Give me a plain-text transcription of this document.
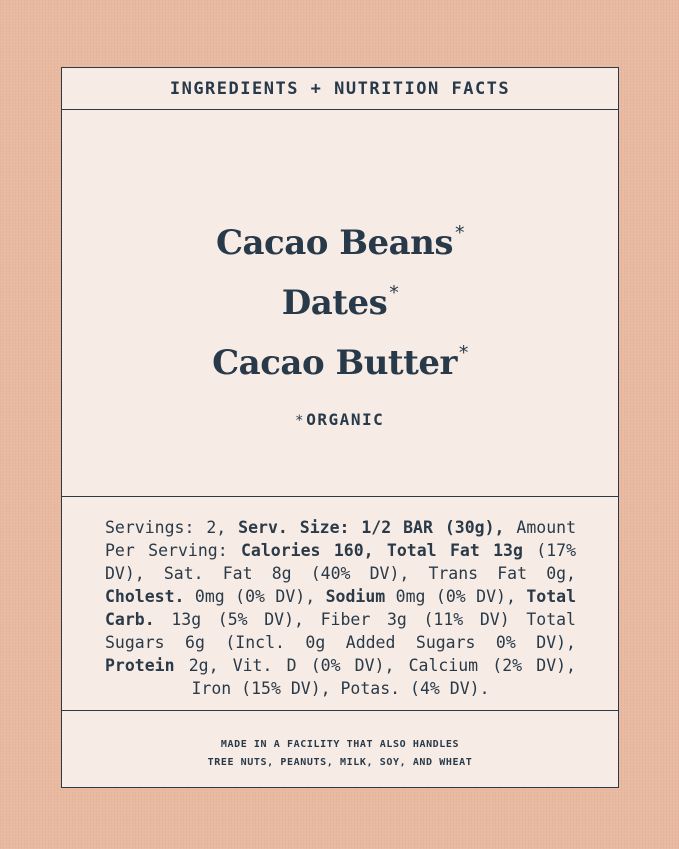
INGREDIENTS + NUTRITION FACTS
Cacao Beans *
Dates *
Cacao Butter *
* ORGANIC
Servings: 2, Serv. Size: 1/2 BAR (30g), Amount Per Serving: Calories 160, Total Fat 13g (17% DV), Sat. Fat 8g (40% DV), Trans Fat 0g, Cholest. 0mg (0% DV), Sodium 0mg (0% DV), Total Carb. 13g (5% DV), Fiber 3g (11% DV) Total Sugars 6g (Incl. 0g Added Sugars 0% DV), Protein 2g, Vit. D (0% DV), Calcium (2% DV), Iron (15% DV), Potas. (4% DV).
MADE IN A FACILITY THAT ALSO HANDLES
TREE NUTS, PEANUTS, MILK, SOY, AND WHEAT
